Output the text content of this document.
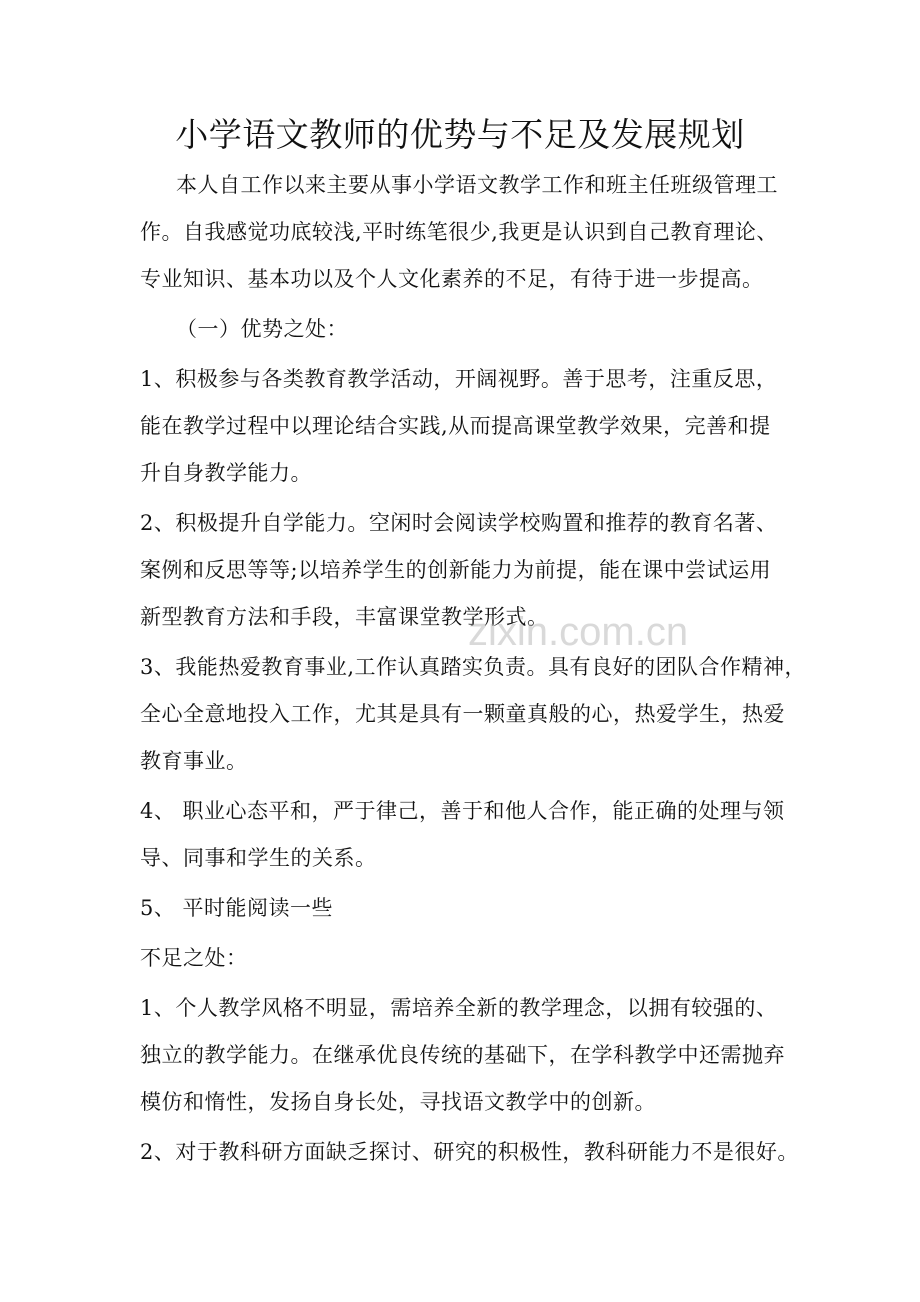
小学语文教师的优势与不足及发展规划
本人自工作以来主要从事小学语文教学工作和班主任班级管理工
作。自我感觉功底较浅,平时练笔很少,我更是认识到自己教育理论、
专业知识、基本功以及个人文化素养的不足，有待于进一步提高。
（一）优势之处：
1、积极参与各类教育教学活动，开阔视野。善于思考，注重反思，
能在教学过程中以理论结合实践,从而提高课堂教学效果，完善和提
升自身教学能力。
2、积极提升自学能力。空闲时会阅读学校购置和推荐的教育名著、
案例和反思等等;以培养学生的创新能力为前提，能在课中尝试运用
新型教育方法和手段，丰富课堂教学形式。
3、我能热爱教育事业,工作认真踏实负责。具有良好的团队合作精神，
全心全意地投入工作，尤其是具有一颗童真般的心，热爱学生，热爱
教育事业。
4、 职业心态平和，严于律己，善于和他人合作，能正确的处理与领
导、同事和学生的关系。
5、 平时能阅读一些
不足之处：
1、个人教学风格不明显，需培养全新的教学理念，以拥有较强的、
独立的教学能力。在继承优良传统的基础下，在学科教学中还需抛弃
模仿和惰性，发扬自身长处，寻找语文教学中的创新。
2、对于教科研方面缺乏探讨、研究的积极性，教科研能力不是很好。
zixin.com.cn
